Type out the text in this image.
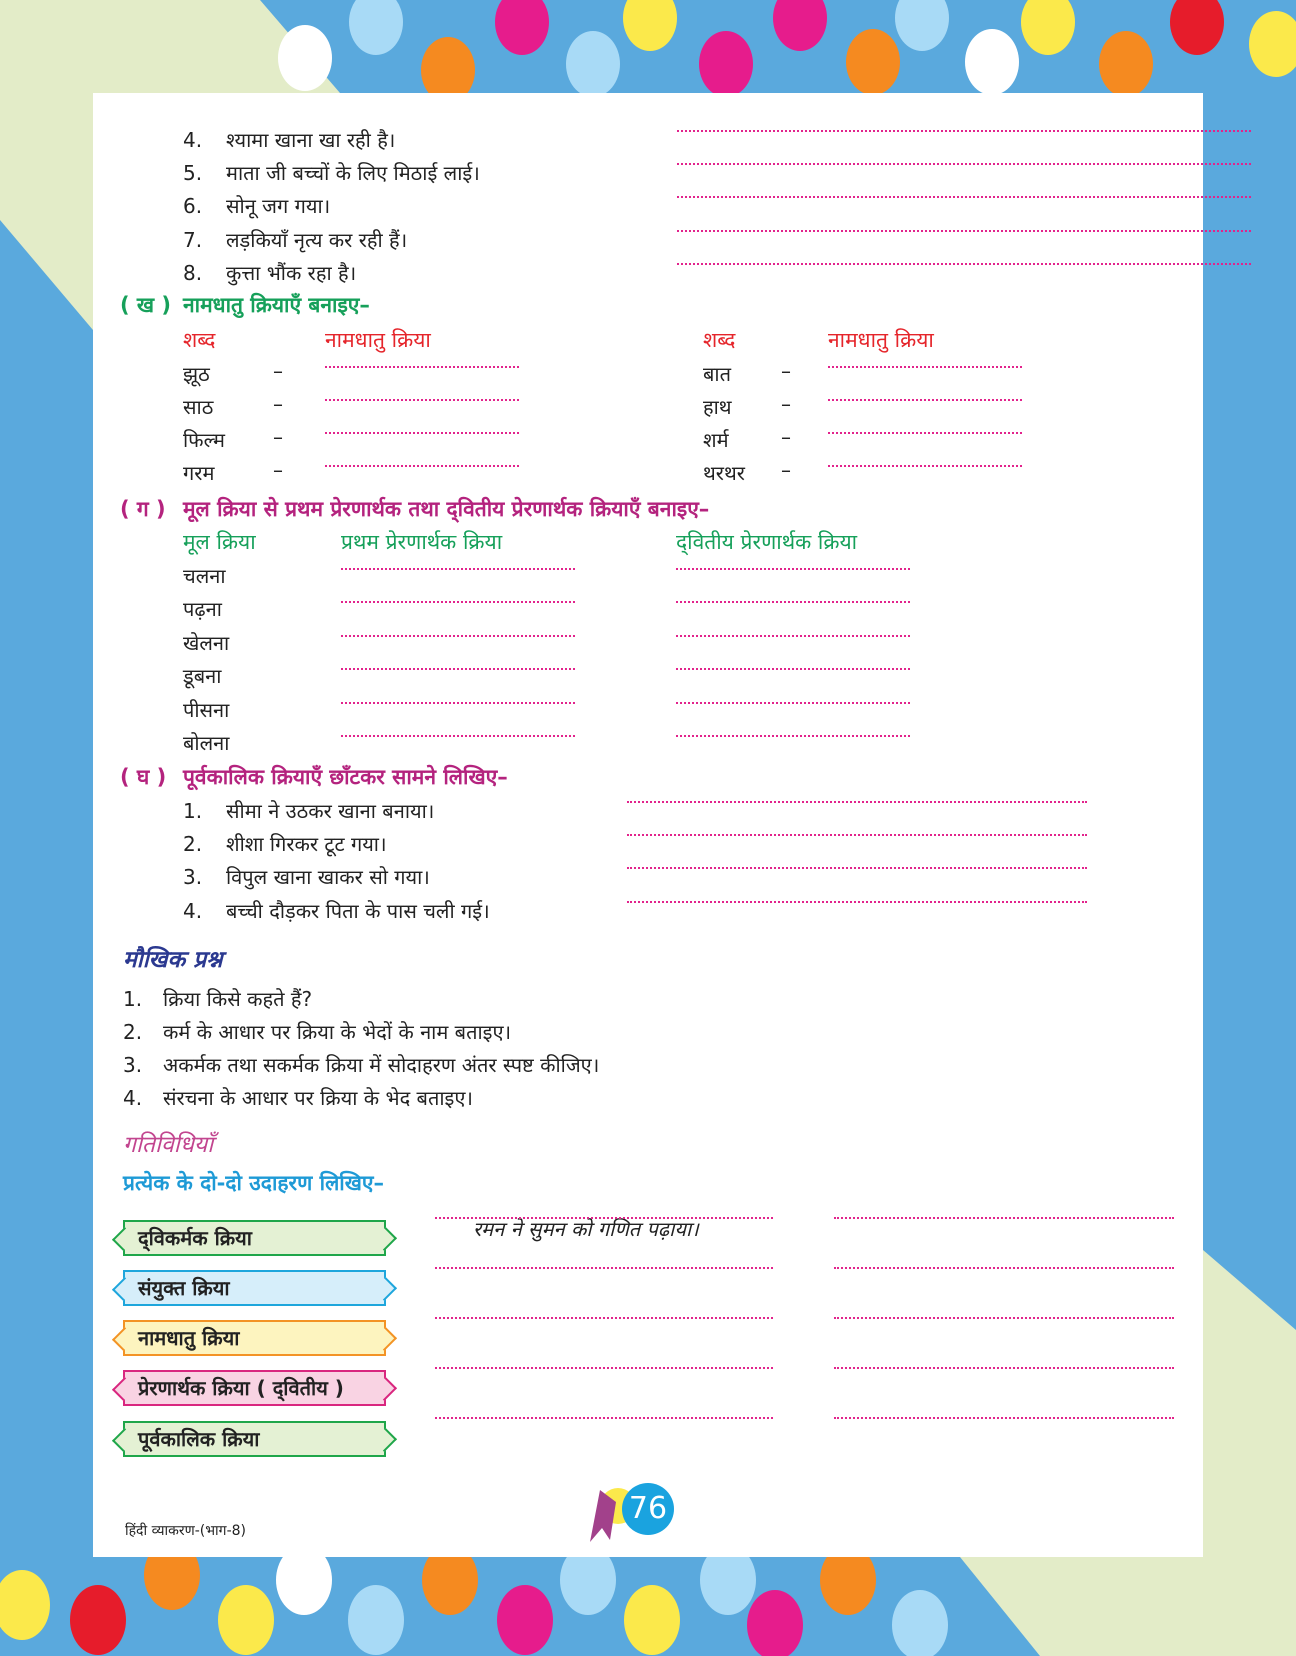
4. श्यामा खाना खा रही है।
5. माता जी बच्चों के लिए मिठाई लाई।
6. सोनू जग गया।
7. लड़कियाँ नृत्य कर रही हैं।
8. कुत्ता भौंक रहा है।
( ख ) नामधातु क्रियाएँ बनाइए–
शब्द	नामधातु क्रिया	शब्द	नामधातु क्रिया
झूठ	–
साठ	–
फिल्म –
गरम	–
बात	–
हाथ –
शर्म	–
थरथर –
( ग ) मूल क्रिया से प्रथम प्रेरणार्थक तथा द्‌वितीय प्रेरणार्थक क्रियाएँ बनाइए–
मूल क्रिया	प्रथम प्रेरणार्थक क्रिया	द्‌वितीय प्रेरणार्थक क्रिया
चलना
पढ़ना
खेलना
डूबना
पीसना
बोलना
( घ ) पूर्वकालिक क्रियाएँ छाँटकर सामने लिखिए–
1. सीमा ने उठकर खाना बनाया।
2. शीशा गिरकर टूट गया।
3. विपुल खाना खाकर सो गया।
4. बच्ची दौड़कर पिता के पास चली गई।
मौखिक प्रश्न
1. क्रिया किसे कहते हैं?
2. कर्म के आधार पर क्रिया के भेदों के नाम बताइए।
3. अकर्मक तथा सकर्मक क्रिया में सोदाहरण अंतर स्पष्ट कीजिए।
4. संरचना के आधार पर क्रिया के भेद बताइए।
गतिविधियाँ
प्रत्येक के दो-दो उदाहरण लिखिए–
द्‌विकर्मक क्रिया
संयुक्त क्रिया
नामधातु क्रिया
प्रेरणार्थक क्रिया ( द्‌वितीय )
पूर्वकालिक क्रिया
रमन ने सुमन को गणित पढ़ाया।
हिंदी व्याकरण-(भाग-8)
76
